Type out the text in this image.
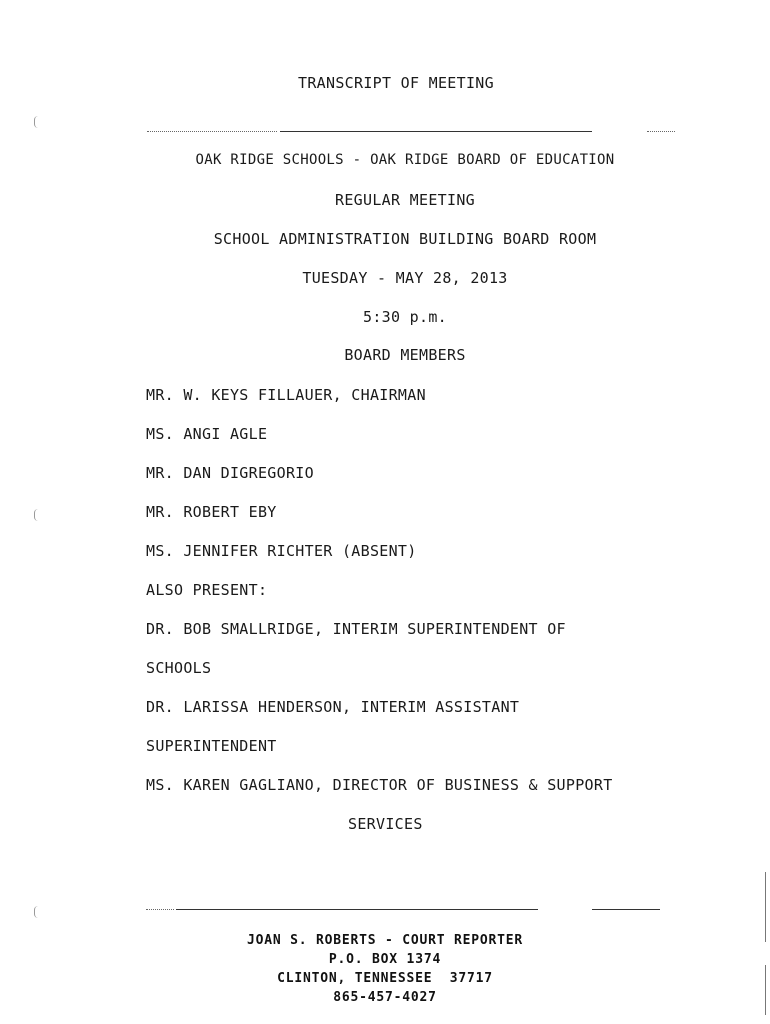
TRANSCRIPT OF MEETING
OAK RIDGE SCHOOLS - OAK RIDGE BOARD OF EDUCATION
REGULAR MEETING
SCHOOL ADMINISTRATION BUILDING BOARD ROOM
TUESDAY - MAY 28, 2013
5:30 p.m.
BOARD MEMBERS
MR. W. KEYS FILLAUER, CHAIRMAN
MS. ANGI AGLE
MR. DAN DIGREGORIO
MR. ROBERT EBY
MS. JENNIFER RICHTER (ABSENT)
ALSO PRESENT:
DR. BOB SMALLRIDGE, INTERIM SUPERINTENDENT OF
SCHOOLS
DR. LARISSA HENDERSON, INTERIM ASSISTANT
SUPERINTENDENT
MS. KAREN GAGLIANO, DIRECTOR OF BUSINESS & SUPPORT
SERVICES
JOAN S. ROBERTS - COURT REPORTER
P.O. BOX 1374
CLINTON, TENNESSEE  37717
865-457-4027
